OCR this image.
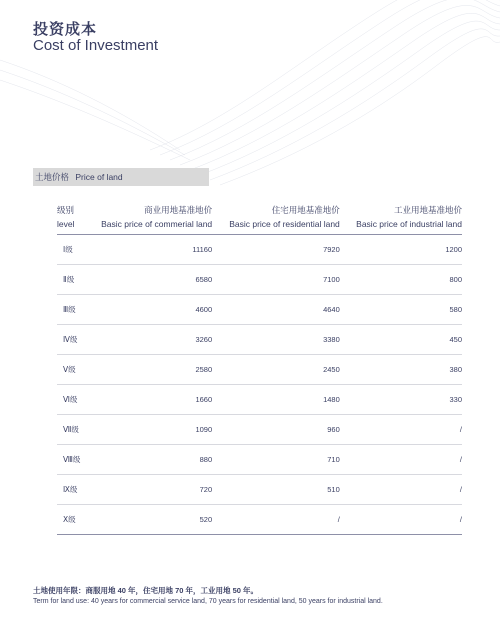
投资成本
Cost of Investment
土地价格 Price of land
级别	商业用地基准地价	住宅用地基准地价	工业用地基准地价
level	Basic price of commerial land	Basic price of residential land	Basic price of industrial land
Ⅰ级	11160	7920	1200
Ⅱ级	6580	7100	800
Ⅲ级	4600	4640	580
Ⅳ级	3260	3380	450
Ⅴ级	2580	2450	380
Ⅵ级	1660	1480	330
Ⅶ级	1090	960	/
Ⅷ级	880	710	/
Ⅸ级	720	510	/
Ⅹ级	520	/	/

土地使用年限：商服用地 40 年，住宅用地 70 年，工业用地 50 年。

Term for land use: 40 years for commercial service land, 70 years for residential land, 50 years for industrial land.
